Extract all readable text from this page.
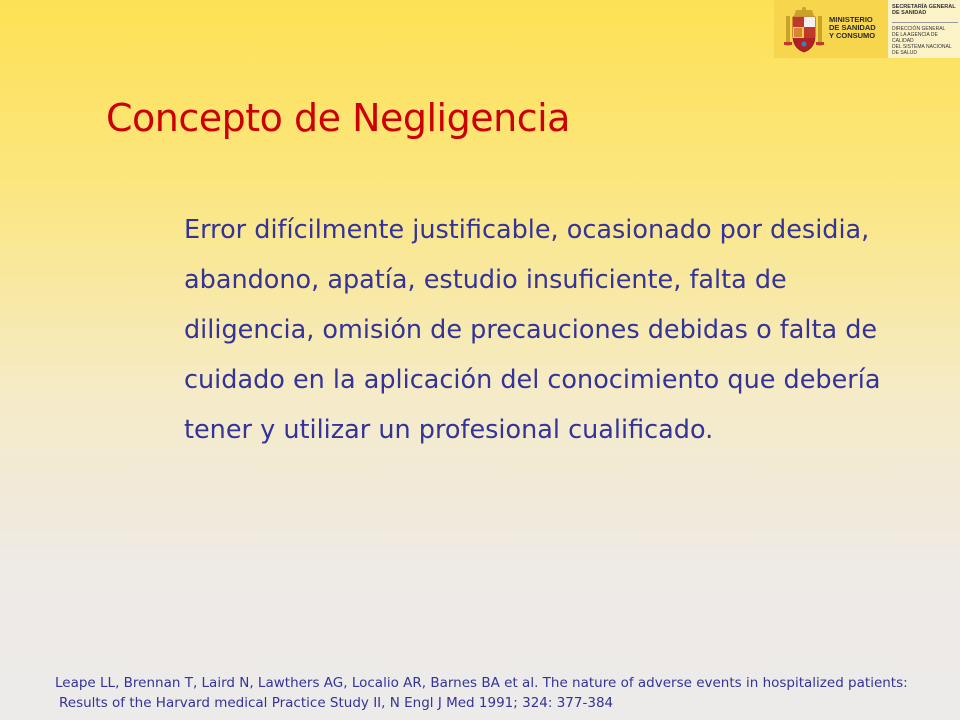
MINISTERIO
DE SANIDAD
Y CONSUMO
SECRETARÍA GENERAL
DE SANIDAD
DIRECCIÓN GENERAL
DE LA AGENCIA DE CALIDAD
DEL SISTEMA NACIONAL
DE SALUD
Concepto de Negligencia

Error difícilmente justificable, ocasionado por desidia, abandono, apatía, estudio insuficiente, falta de diligencia, omisión de precauciones debidas o falta de cuidado en la aplicación del conocimiento que debería tener y utilizar un profesional cualificado.

Leape LL, Brennan T, Laird N, Lawthers AG, Localio AR, Barnes BA et al. The nature of adverse events in hospitalized patients:
Results of the Harvard medical Practice Study II, N Engl J Med 1991; 324: 377-384
